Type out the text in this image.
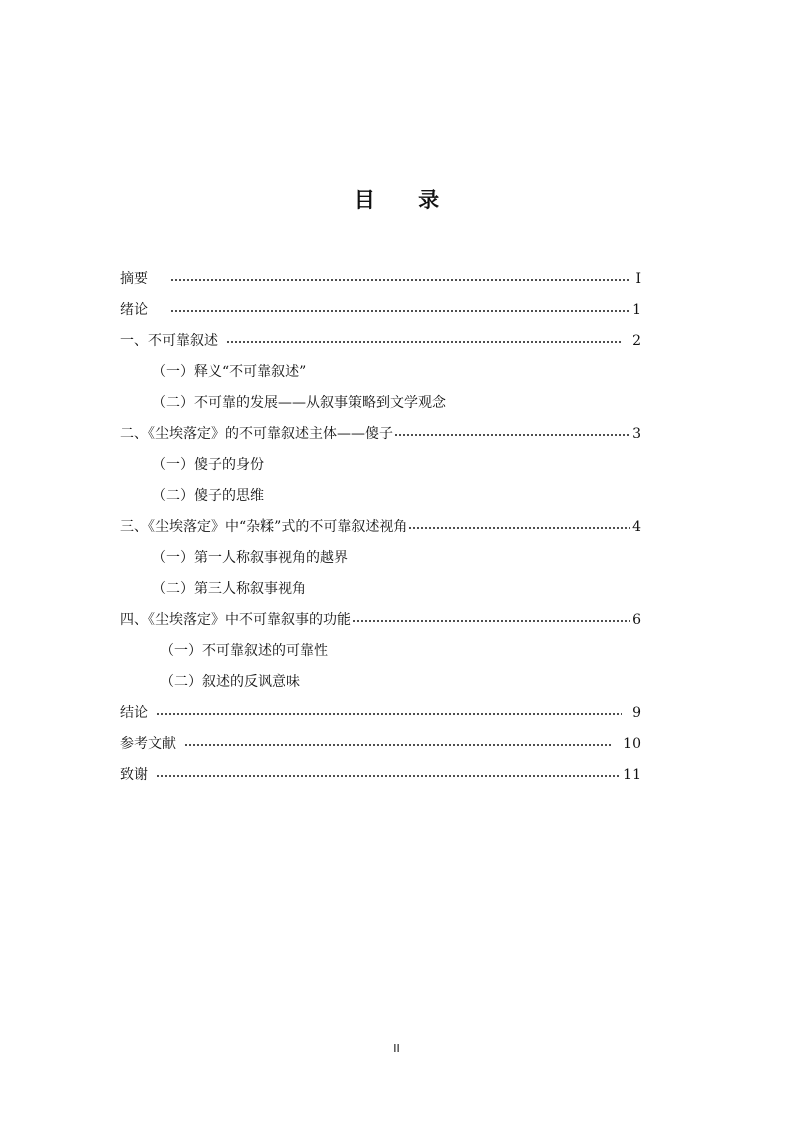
目 录
摘要	I
绪论	1
一、不可靠叙述	2
（一）释义“不可靠叙述”
（二）不可靠的发展——从叙事策略到文学观念
二、《尘埃落定》的不可靠叙述主体——傻子	3
（一）傻子的身份
（二）傻子的思维
三、《尘埃落定》中“杂糅”式的不可靠叙述视角	4
（一）第一人称叙事视角的越界
（二）第三人称叙事视角
四、《尘埃落定》中不可靠叙事的功能	6
（一）不可靠叙述的可靠性
（二）叙述的反讽意味
结论	9
参考文献	10
致谢	11
II
